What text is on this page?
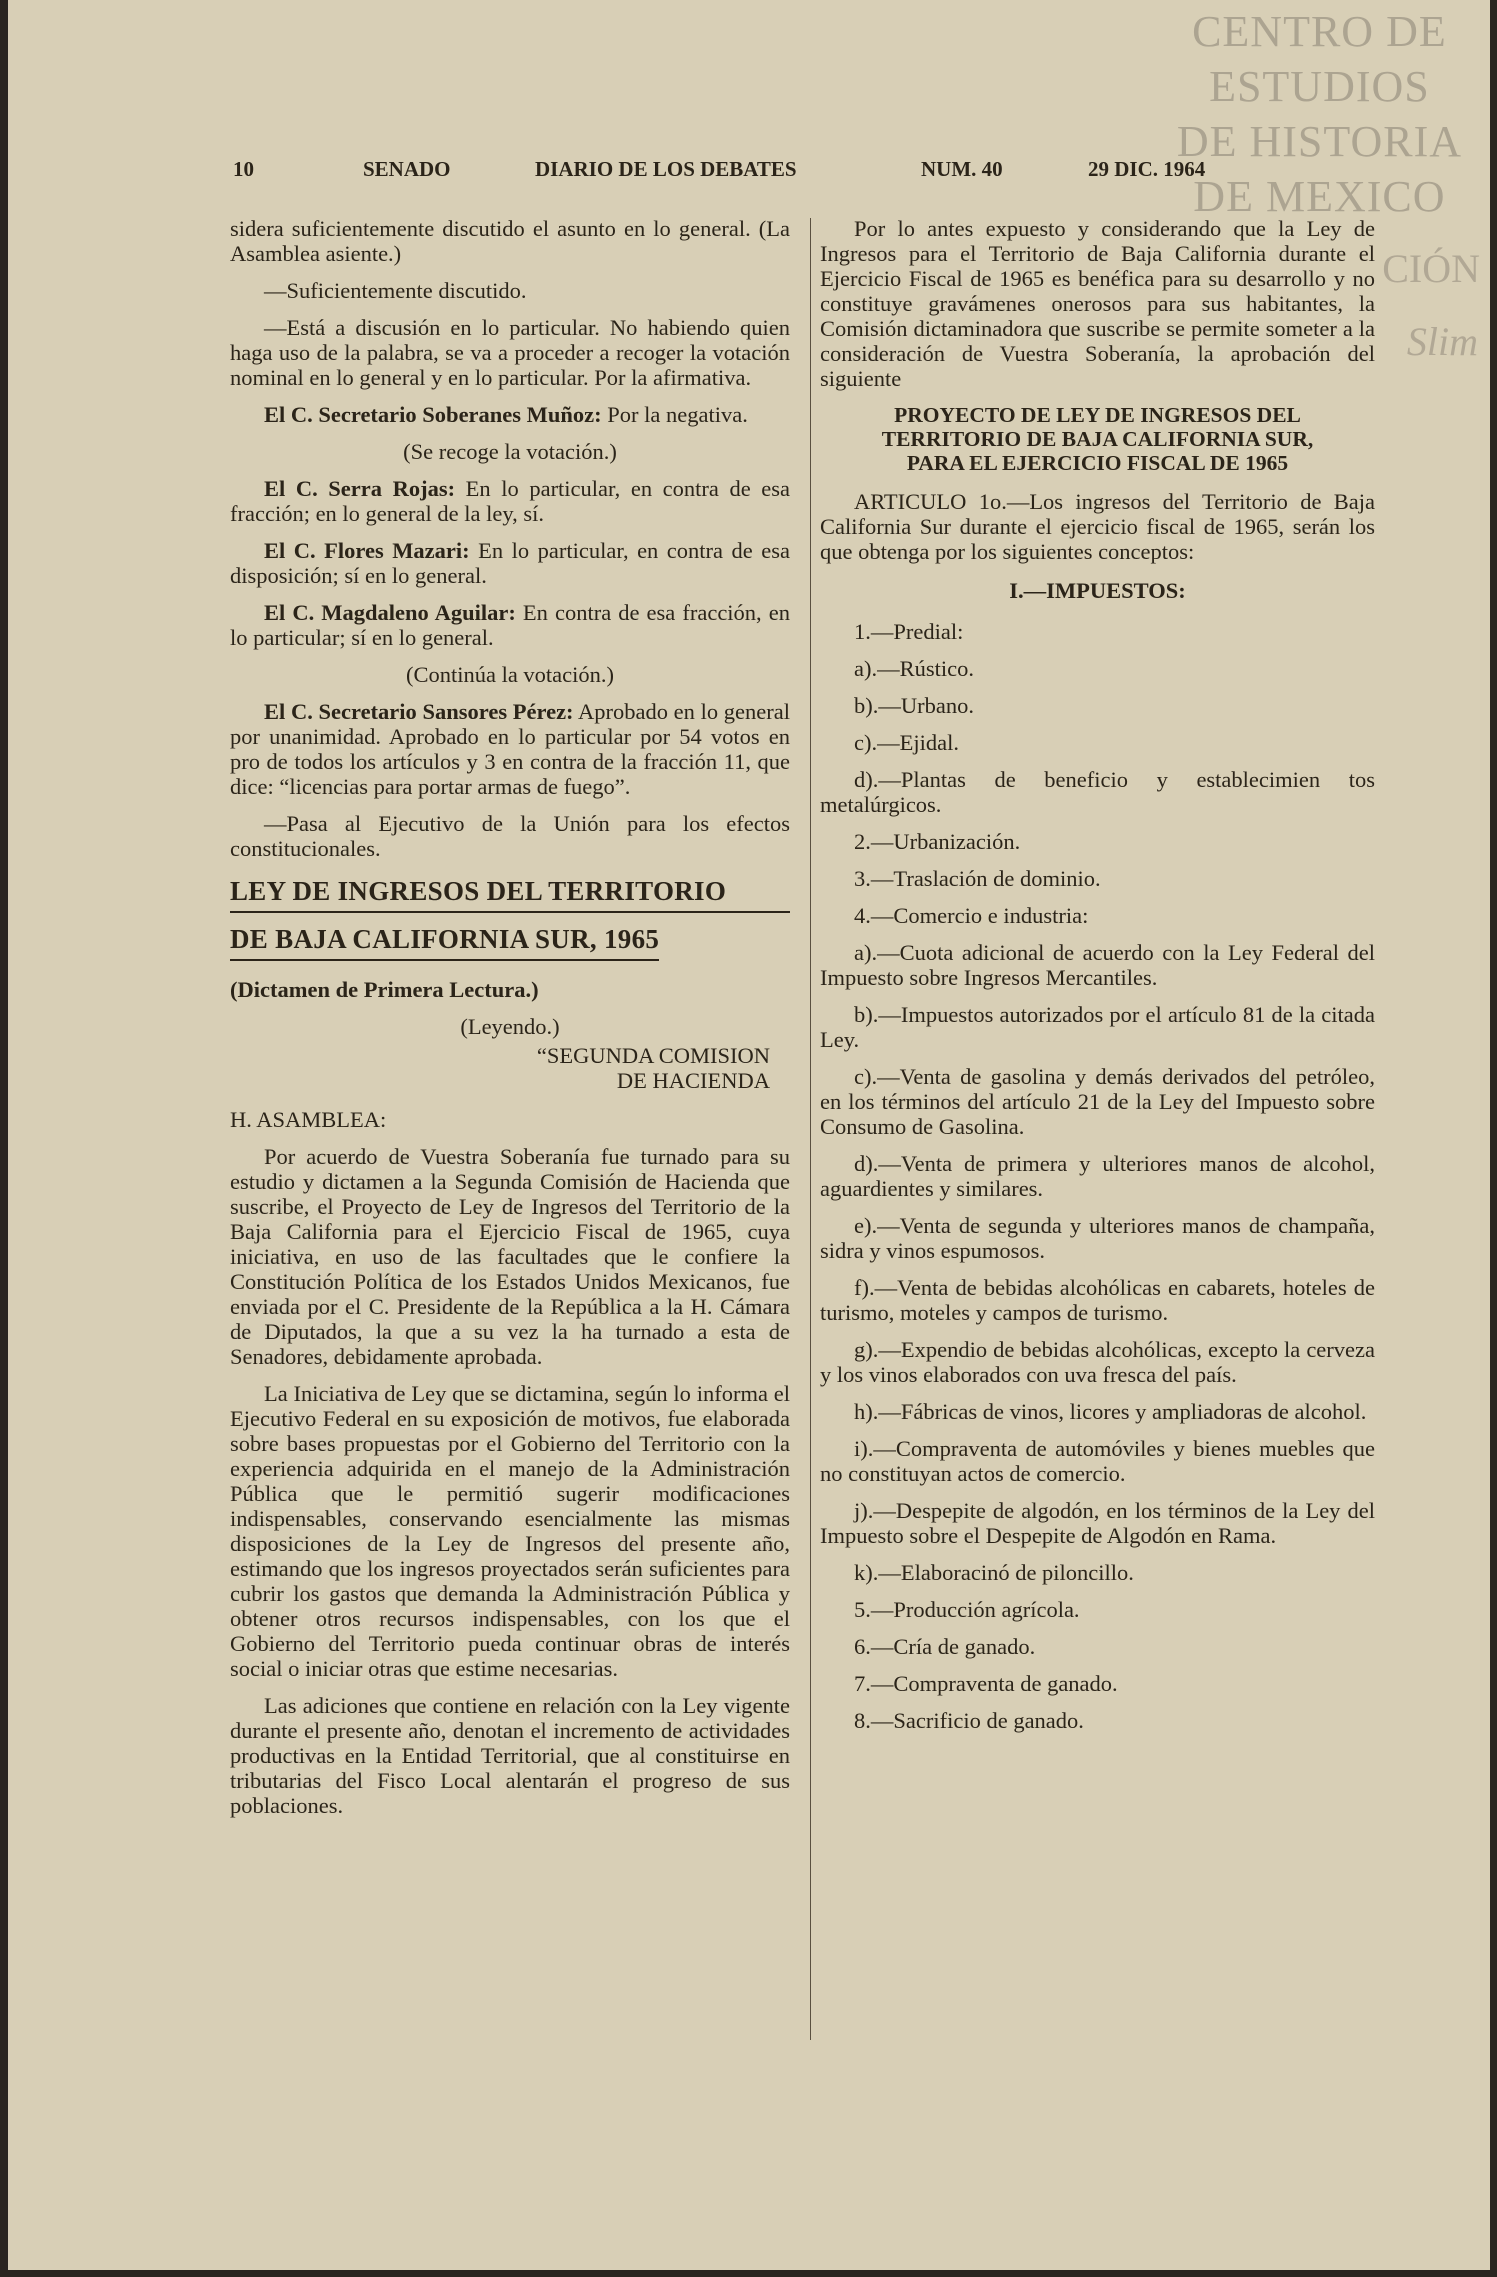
CENTRO DE
ESTUDIOS
DE HISTORIA
DE MEXICO
CIÓN
Slim
10	SENADO	DIARIO DE LOS DEBATES	NUM. 40	29 DIC. 1964

sidera suficientemente discutido el asunto en lo general. (La Asamblea asiente.)

—Suficientemente discutido.

—Está a discusión en lo particular. No habiendo quien haga uso de la palabra, se va a proceder a recoger la votación nominal en lo general y en lo particular. Por la afirmativa.

El C. Secretario Soberanes Muñoz: Por la negativa.

(Se recoge la votación.)

El C. Serra Rojas: En lo particular, en contra de esa fracción; en lo general de la ley, sí.

El C. Flores Mazari: En lo particular, en contra de esa disposición; sí en lo general.

El C. Magdaleno Aguilar: En contra de esa fracción, en lo particular; sí en lo general.

(Continúa la votación.)

El C. Secretario Sansores Pérez: Aprobado en lo general por unanimidad. Aprobado en lo particular por 54 votos en pro de todos los artículos y 3 en contra de la fracción 11, que dice: “licencias para portar armas de fuego”.

—Pasa al Ejecutivo de la Unión para los efectos constitucionales.

LEY DE INGRESOS DEL TERRITORIO
DE BAJA CALIFORNIA SUR, 1965

(Dictamen de Primera Lectura.)

(Leyendo.)

“SEGUNDA COMISION
DE HACIENDA

H. ASAMBLEA:

Por acuerdo de Vuestra Soberanía fue turnado para su estudio y dictamen a la Segunda Comisión de Hacienda que suscribe, el Proyecto de Ley de Ingresos del Territorio de la Baja California para el Ejercicio Fiscal de 1965, cuya iniciativa, en uso de las facultades que le confiere la Constitución Política de los Estados Unidos Mexicanos, fue enviada por el C. Presidente de la República a la H. Cámara de Diputados, la que a su vez la ha turnado a esta de Senadores, debidamente aprobada.

La Iniciativa de Ley que se dictamina, según lo informa el Ejecutivo Federal en su exposición de motivos, fue elaborada sobre bases propuestas por el Gobierno del Territorio con la experiencia adquirida en el manejo de la Administración Pública que le permitió sugerir modificaciones indispensables, conservando esencialmente las mismas disposiciones de la Ley de Ingresos del presente año, estimando que los ingresos proyectados serán suficientes para cubrir los gastos que demanda la Administración Pública y obtener otros recursos indispensables, con los que el Gobierno del Territorio pueda continuar obras de interés social o iniciar otras que estime necesarias.

Las adiciones que contiene en relación con la Ley vigente durante el presente año, denotan el incremento de actividades productivas en la Entidad Territorial, que al constituirse en tributarias del Fisco Local alentarán el progreso de sus poblaciones.

Por lo antes expuesto y considerando que la Ley de Ingresos para el Territorio de Baja California durante el Ejercicio Fiscal de 1965 es benéfica para su desarrollo y no constituye gravámenes onerosos para sus habitantes, la Comisión dictaminadora que suscribe se permite someter a la consideración de Vuestra Soberanía, la aprobación del siguiente

PROYECTO DE LEY DE INGRESOS DEL
TERRITORIO DE BAJA CALIFORNIA SUR,
PARA EL EJERCICIO FISCAL DE 1965

ARTICULO 1o.—Los ingresos del Territorio de Baja California Sur durante el ejercicio fiscal de 1965, serán los que obtenga por los siguientes conceptos:

I.—IMPUESTOS:

1.—Predial:

a).—Rústico.

b).—Urbano.

c).—Ejidal.

d).—Plantas de beneficio y establecimien tos metalúrgicos.

2.—Urbanización.

3.—Traslación de dominio.

4.—Comercio e industria:

a).—Cuota adicional de acuerdo con la Ley Federal del Impuesto sobre Ingresos Mercantiles.

b).—Impuestos autorizados por el artículo 81 de la citada Ley.

c).—Venta de gasolina y demás derivados del petróleo, en los términos del artículo 21 de la Ley del Impuesto sobre Consumo de Gasolina.

d).—Venta de primera y ulteriores manos de alcohol, aguardientes y similares.

e).—Venta de segunda y ulteriores manos de champaña, sidra y vinos espumosos.

f).—Venta de bebidas alcohólicas en cabarets, hoteles de turismo, moteles y campos de turismo.

g).—Expendio de bebidas alcohólicas, excepto la cerveza y los vinos elaborados con uva fresca del país.

h).—Fábricas de vinos, licores y ampliadoras de alcohol.

i).—Compraventa de automóviles y bienes muebles que no constituyan actos de comercio.

j).—Despepite de algodón, en los términos de la Ley del Impuesto sobre el Despepite de Algodón en Rama.

k).—Elaboracinó de piloncillo.

5.—Producción agrícola.

6.—Cría de ganado.

7.—Compraventa de ganado.

8.—Sacrificio de ganado.
